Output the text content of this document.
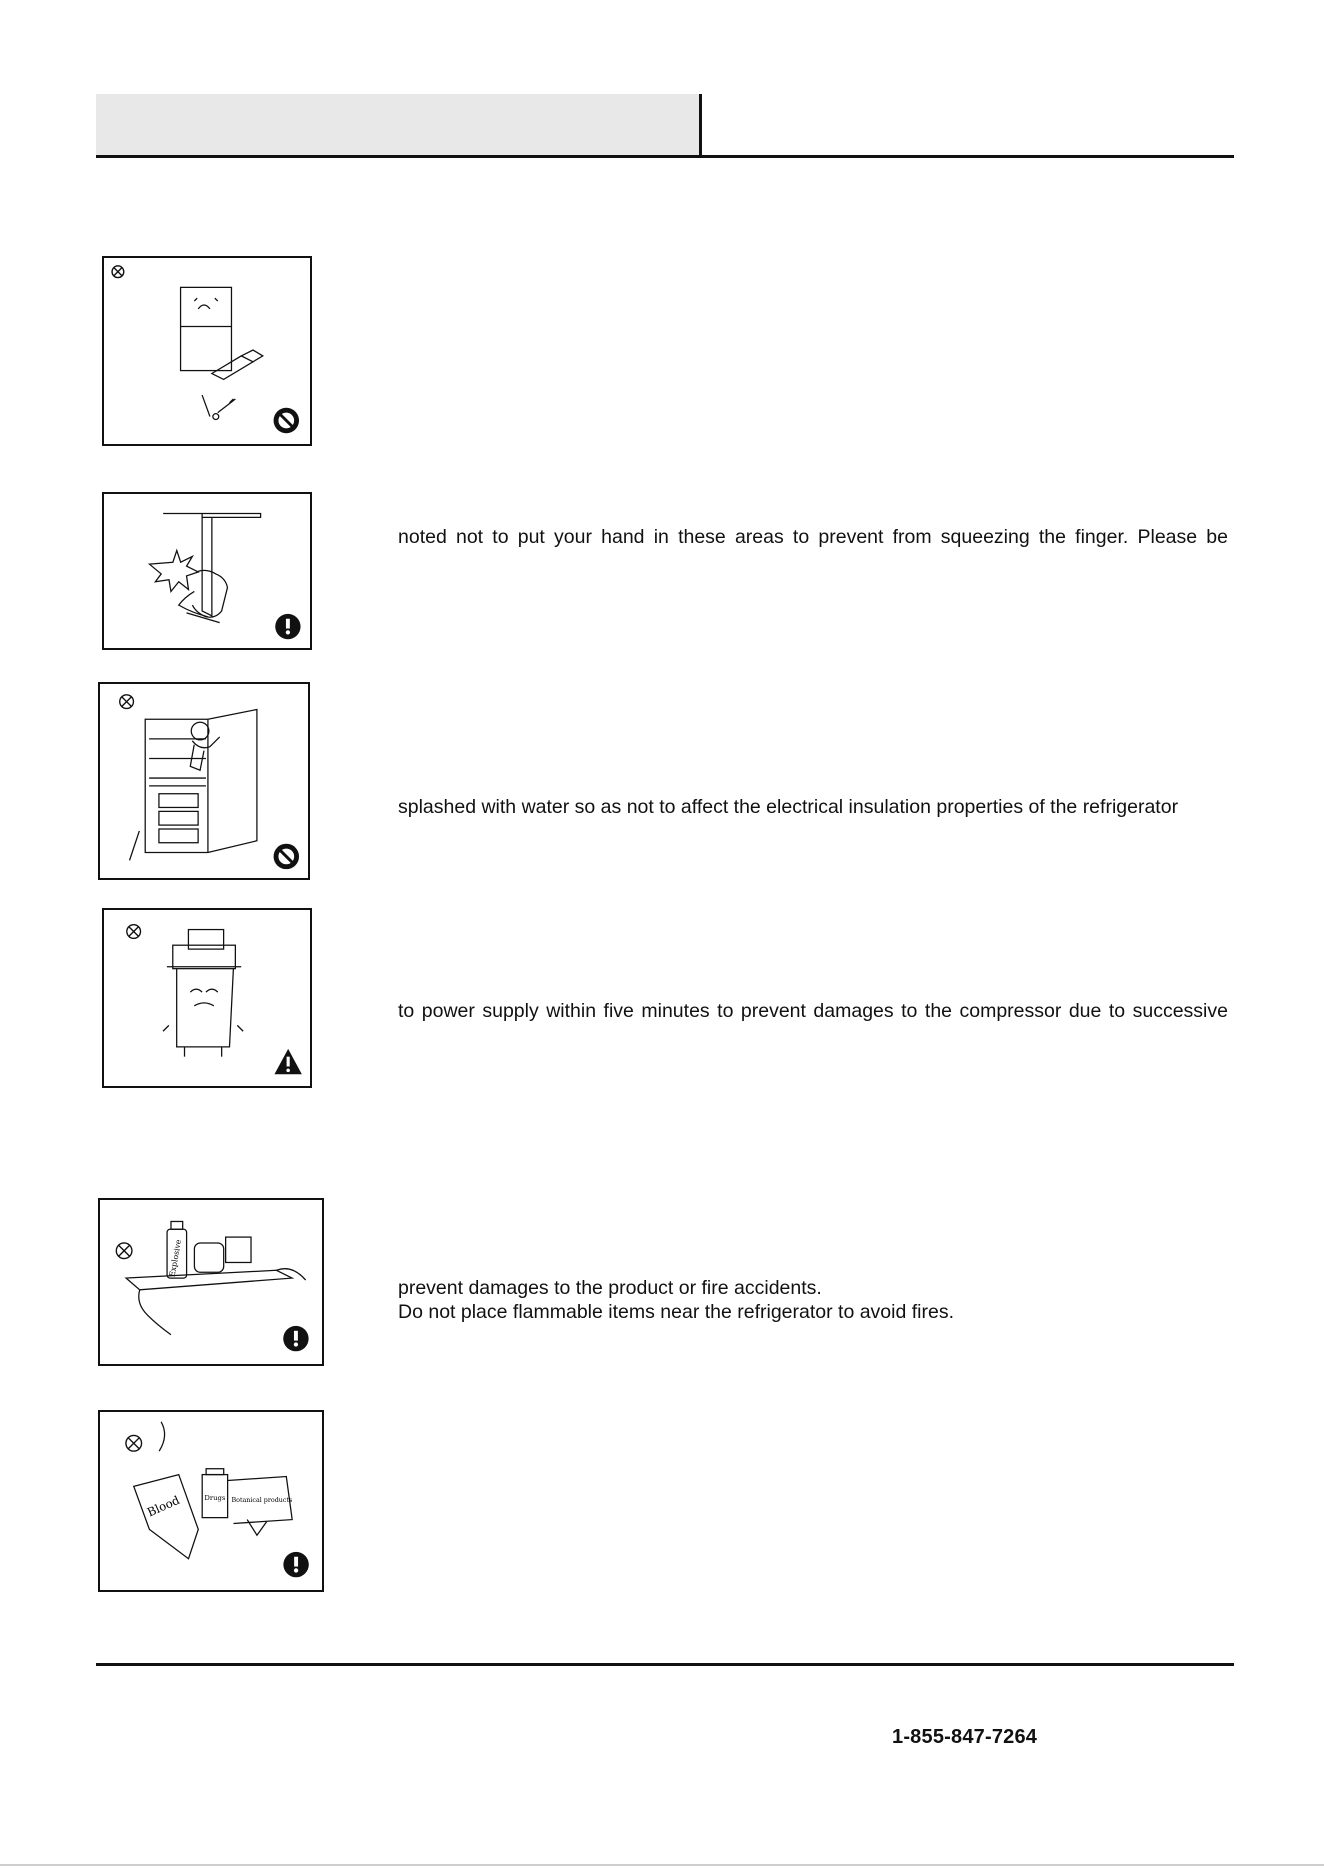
noted not to put your hand in these areas to prevent from squeezing the finger. Please be
splashed with water so as not to affect the electrical insulation properties of the refrigerator
to power supply within five minutes to prevent damages to the compressor due to successive
Explosive
prevent damages to the product or fire accidents.
Do not place flammable items near the refrigerator to avoid fires.
Blood	Drugs Botanical products
1-855-847-7264
